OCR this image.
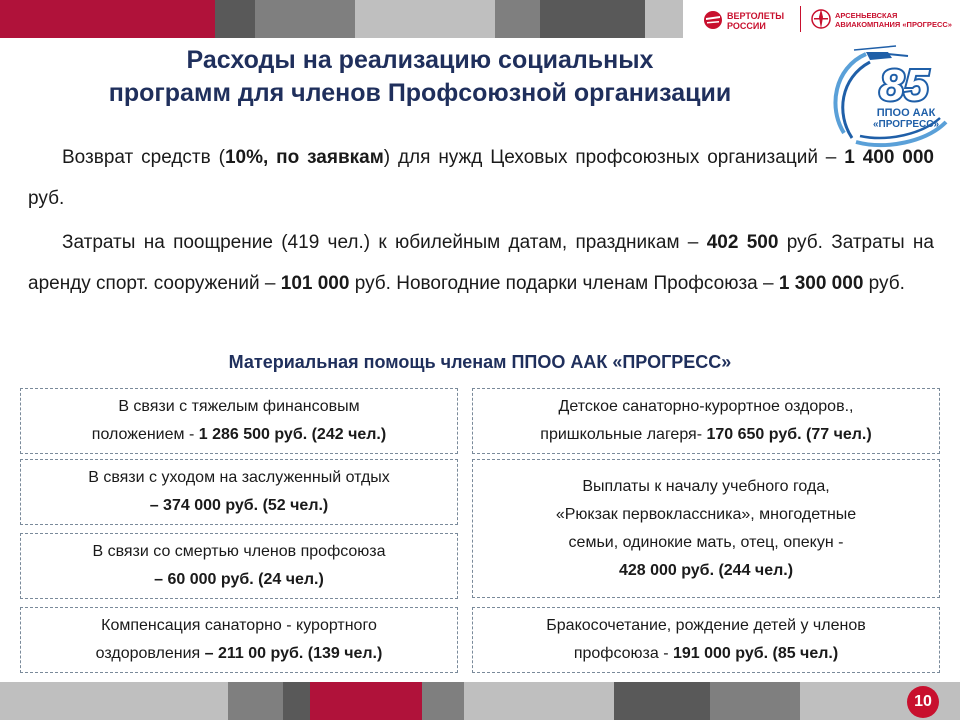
ВЕРТОЛЕТЫ
РОССИИ
АРСЕНЬЕВСКАЯ
АВИАКОМПАНИЯ «ПРОГРЕСС»
Расходы на реализацию социальных
программ для членов Профсоюзной организации	85
ППОО ААК
«ПРОГРЕСС»
Возврат средств (10%, по заявкам) для нужд Цеховых профсоюзных организаций – 1 400 000 руб.
Затраты на поощрение (419 чел.) к юбилейным датам, праздникам – 402 500 руб. Затраты на аренду спорт. сооружений – 101 000 руб. Новогодние подарки членам Профсоюза – 1 300 000 руб.
Материальная помощь членам ППОО ААК «ПРОГРЕСС»
В связи с тяжелым финансовым
положением - 1 286 500 руб. (242 чел.)
В связи с уходом на заслуженный отдых
– 374 000 руб. (52 чел.)
В связи со смертью членов профсоюза
– 60 000 руб. (24 чел.)
Компенсация санаторно - курортного
оздоровления – 211 00 руб. (139 чел.)
Детское санаторно-курортное оздоров.,
пришкольные лагеря- 170 650 руб. (77 чел.)
Выплаты к началу учебного года,
«Рюкзак первоклассника», многодетные
семьи, одинокие мать, отец, опекун -
428 000 руб. (244 чел.)
Бракосочетание, рождение детей у членов
профсоюза - 191 000 руб. (85 чел.)
10
